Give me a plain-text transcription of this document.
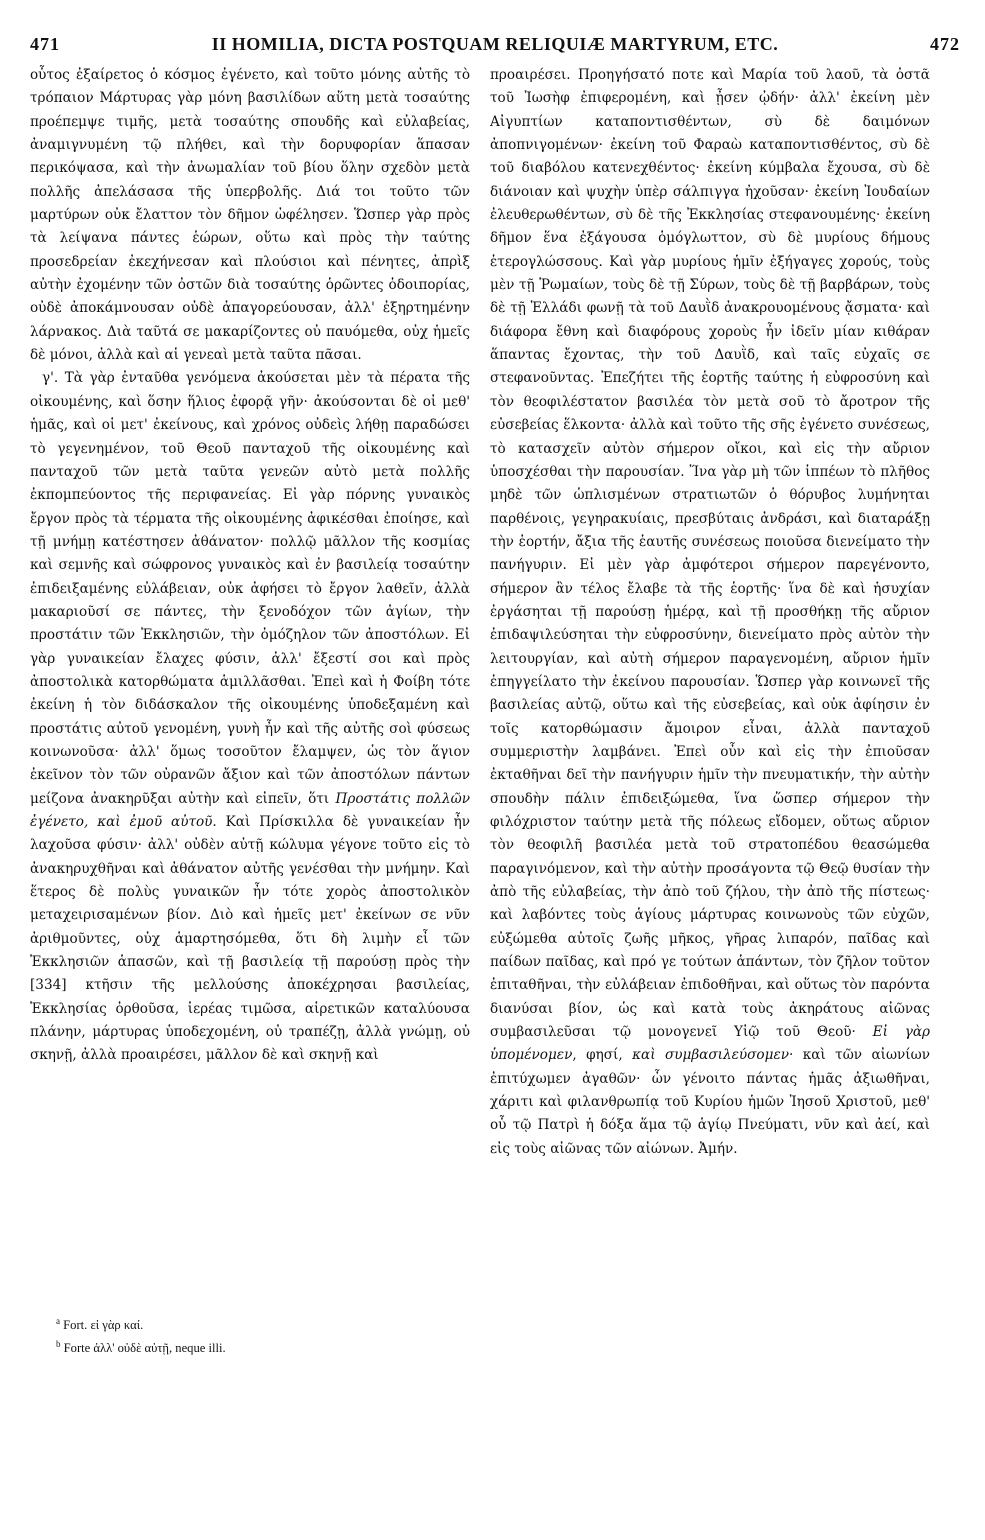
471	II HOMILIA, DICTA POSTQUAM RELIQUIÆ MARTYRUM, ETC.	472

οὗτος ἐξαίρετος ὁ κόσμος ἐγένετο, καὶ τοῦτο μόνης αὐτῆς τὸ τρόπαιον Μάρτυρας γὰρ μόνη βασιλίδων αὕτη μετὰ τοσαύτης προέπεμψε τιμῆς, μετὰ τοσαύτης σπουδῆς καὶ εὐλαβείας, ἀναμιγνυμένη τῷ πλήθει, καὶ τὴν δορυφορίαν ἅπασαν περικόψασα, καὶ τὴν ἀνωμαλίαν τοῦ βίου ὅλην σχεδὸν μετὰ πολλῆς ἀπελάσασα τῆς ὑπερβολῆς. Διά τοι τοῦτο τῶν μαρτύρων οὐκ ἔλαττον τὸν δῆμον ὠφέλησεν. Ὥσπερ γὰρ πρὸς τὰ λείψανα πάντες ἑώρων, οὕτω καὶ πρὸς τὴν ταύτης προσεδρείαν ἐκεχήνεσαν καὶ πλούσιοι καὶ πένητες, ἀπρὶξ αὐτὴν ἐχομένην τῶν ὀστῶν διὰ τοσαύτης ὁρῶντες ὁδοιπορίας, οὐδὲ ἀποκάμνουσαν οὐδὲ ἀπαγορεύουσαν, ἀλλ' ἐξηρτημένην λάρνακος. Διὰ ταῦτά σε μακαρίζοντες οὐ παυόμεθα, οὐχ ἡμεῖς δὲ μόνοι, ἀλλὰ καὶ αἱ γενεαὶ μετὰ ταῦτα πᾶσαι.

γ'. Τὰ γὰρ ἐνταῦθα γενόμενα ἀκούσεται μὲν τὰ πέρατα τῆς οἰκουμένης, καὶ ὅσην ἥλιος ἐφορᾷ γῆν· ἀκούσονται δὲ οἱ μεθ' ἡμᾶς, καὶ οἱ μετ' ἐκείνους, καὶ χρόνος οὐδεὶς λήθῃ παραδώσει τὸ γεγενημένον, τοῦ Θεοῦ πανταχοῦ τῆς οἰκουμένης καὶ πανταχοῦ τῶν μετὰ ταῦτα γενεῶν αὐτὸ μετὰ πολλῆς ἐκπομπεύοντος τῆς περιφανείας. Εἰ γὰρ πόρνης γυναικὸς ἔργον πρὸς τὰ τέρματα τῆς οἰκουμένης ἀφικέσθαι ἐποίησε, καὶ τῇ μνήμῃ κατέστησεν ἀθάνατον· πολλῷ μᾶλλον τῆς κοσμίας καὶ σεμνῆς καὶ σώφρονος γυναικὸς καὶ ἐν βασιλείᾳ τοσαύτην ἐπιδειξαμένης εὐλάβειαν, οὐκ ἀφήσει τὸ ἔργον λαθεῖν, ἀλλὰ μακαριοῦσί σε πάντες, τὴν ξενοδόχον τῶν ἁγίων, τὴν προστάτιν τῶν Ἐκκλησιῶν, τὴν ὁμόζηλον τῶν ἀποστόλων. Εἰ γὰρ γυναικείαν ἔλαχες φύσιν, ἀλλ' ἔξεστί σοι καὶ πρὸς ἀποστολικὰ κατορθώματα ἁμιλλᾶσθαι. Ἐπεὶ καὶ ἡ Φοίβη τότε ἐκείνη ἡ τὸν διδάσκαλον τῆς οἰκουμένης ὑποδεξαμένη καὶ προστάτις αὐτοῦ γενομένη, γυνὴ ἦν καὶ τῆς αὐτῆς σοὶ φύσεως κοινωνοῦσα· ἀλλ' ὅμως τοσοῦτον ἔλαμψεν, ὡς τὸν ἅγιον ἐκεῖνον τὸν τῶν οὐρανῶν ἄξιον καὶ τῶν ἀποστόλων πάντων μείζονα ἀνακηρῦξαι αὐτὴν καὶ εἰπεῖν, ὅτι Προστάτις πολλῶν ἐγένετο, καὶ ἐμοῦ αὐτοῦ. Καὶ Πρίσκιλλα δὲ γυναικείαν ἦν λαχοῦσα φύσιν· ἀλλ' οὐδὲν αὐτῇ κώλυμα γέγονε τοῦτο εἰς τὸ ἀνακηρυχθῆναι καὶ ἀθάνατον αὐτῆς γενέσθαι τὴν μνήμην. Καὶ ἕτερος δὲ πολὺς γυναικῶν ἦν τότε χορὸς ἀποστολικὸν μεταχειρισαμένων βίον. Διὸ καὶ ἡμεῖς μετ' ἐκείνων σε νῦν ἀριθμοῦντες, οὐχ ἁμαρτησόμεθα, ὅτι δὴ λιμὴν εἶ τῶν Ἐκκλησιῶν ἁπασῶν, καὶ τῇ βασιλείᾳ τῇ παρούσῃ πρὸς τὴν [334] κτῆσιν τῆς μελλούσης ἀποκέχρησαι βασιλείας, Ἐκκλησίας ὀρθοῦσα, ἱερέας τιμῶσα, αἱρετικῶν καταλύουσα πλάνην, μάρτυρας ὑποδεχομένη, οὐ τραπέζῃ, ἀλλὰ γνώμῃ, οὐ σκηνῇ, ἀλλὰ προαιρέσει, μᾶλλον δὲ καὶ σκηνῇ καὶ

προαιρέσει. Προηγήσατό ποτε καὶ Μαρία τοῦ λαοῦ, τὰ ὀστᾶ τοῦ Ἰωσὴφ ἐπιφερομένη, καὶ ᾖσεν ᾠδήν· ἀλλ' ἐκείνη μὲν Αἰγυπτίων καταποντισθέντων, σὺ δὲ δαιμόνων ἀποπνιγομένων· ἐκείνη τοῦ Φαραὼ καταποντισθέντος, σὺ δὲ τοῦ διαβόλου κατενεχθέντος· ἐκείνη κύμβαλα ἔχουσα, σὺ δὲ διάνοιαν καὶ ψυχὴν ὑπὲρ σάλπιγγα ἠχοῦσαν· ἐκείνη Ἰουδαίων ἐλευθερωθέντων, σὺ δὲ τῆς Ἐκκλησίας στεφανουμένης· ἐκείνη δῆμον ἕνα ἐξάγουσα ὁμόγλωττον, σὺ δὲ μυρίους δήμους ἑτερογλώσσους. Καὶ γὰρ μυρίους ἡμῖν ἐξήγαγες χορούς, τοὺς μὲν τῇ Ῥωμαίων, τοὺς δὲ τῇ Σύρων, τοὺς δὲ τῇ βαρβάρων, τοὺς δὲ τῇ Ἑλλάδι φωνῇ τὰ τοῦ Δαυῒδ ἀνακρουομένους ᾄσματα· καὶ διάφορα ἔθνη καὶ διαφόρους χοροὺς ἦν ἰδεῖν μίαν κιθάραν ἅπαντας ἔχοντας, τὴν τοῦ Δαυῒδ, καὶ ταῖς εὐχαῖς σε στεφανοῦντας. Ἐπεζήτει τῆς ἑορτῆς ταύτης ἡ εὐφροσύνη καὶ τὸν θεοφιλέστατον βασιλέα τὸν μετὰ σοῦ τὸ ἄροτρον τῆς εὐσεβείας ἕλκοντα· ἀλλὰ καὶ τοῦτο τῆς σῆς ἐγένετο συνέσεως, τὸ κατασχεῖν αὐτὸν σήμερον οἴκοι, καὶ εἰς τὴν αὔριον ὑποσχέσθαι τὴν παρουσίαν. Ἵνα γὰρ μὴ τῶν ἱππέων τὸ πλῆθος μηδὲ τῶν ὡπλισμένων στρατιωτῶν ὁ θόρυβος λυμήνηται παρθένοις, γεγηρακυίαις, πρεσβύταις ἀνδράσι, καὶ διαταράξῃ τὴν ἑορτήν, ἄξια τῆς ἑαυτῆς συνέσεως ποιοῦσα διενείματο τὴν πανήγυριν. Εἰ μὲν γὰρ ἀμφότεροι σήμερον παρεγένοντο, σήμερον ἂν τέλος ἔλαβε τὰ τῆς ἑορτῆς· ἵνα δὲ καὶ ἡσυχίαν ἐργάσηται τῇ παρούσῃ ἡμέρᾳ, καὶ τῇ προσθήκῃ τῆς αὔριον ἐπιδαψιλεύσηται τὴν εὐφροσύνην, διενείματο πρὸς αὐτὸν τὴν λειτουργίαν, καὶ αὐτὴ σήμερον παραγενομένη, αὔριον ἡμῖν ἐπηγγείλατο τὴν ἐκείνου παρουσίαν. Ὥσπερ γὰρ κοινωνεῖ τῆς βασιλείας αὐτῷ, οὕτω καὶ τῆς εὐσεβείας, καὶ οὐκ ἀφίησιν ἐν τοῖς κατορθώμασιν ἄμοιρον εἶναι, ἀλλὰ πανταχοῦ συμμεριστὴν λαμβάνει. Ἐπεὶ οὖν καὶ εἰς τὴν ἐπιοῦσαν ἐκταθῆναι δεῖ τὴν πανήγυριν ἡμῖν τὴν πνευματικήν, τὴν αὐτὴν σπουδὴν πάλιν ἐπιδειξώμεθα, ἵνα ὥσπερ σήμερον τὴν φιλόχριστον ταύτην μετὰ τῆς πόλεως εἴδομεν, οὕτως αὔριον τὸν θεοφιλῆ βασιλέα μετὰ τοῦ στρατοπέδου θεασώμεθα παραγινόμενον, καὶ τὴν αὐτὴν προσάγοντα τῷ Θεῷ θυσίαν τὴν ἀπὸ τῆς εὐλαβείας, τὴν ἀπὸ τοῦ ζήλου, τὴν ἀπὸ τῆς πίστεως· καὶ λαβόντες τοὺς ἁγίους μάρτυρας κοινωνοὺς τῶν εὐχῶν, εὐξώμεθα αὐτοῖς ζωῆς μῆκος, γῆρας λιπαρόν, παῖδας καὶ παίδων παῖδας, καὶ πρό γε τούτων ἁπάντων, τὸν ζῆλον τοῦτον ἐπιταθῆναι, τὴν εὐλάβειαν ἐπιδοθῆναι, καὶ οὕτως τὸν παρόντα διανύσαι βίον, ὡς καὶ κατὰ τοὺς ἀκηράτους αἰῶνας συμβασιλεῦσαι τῷ μονογενεῖ Υἱῷ τοῦ Θεοῦ· Εἰ γὰρ ὑπομένομεν, φησί, καὶ συμβασιλεύσομεν· καὶ τῶν αἰωνίων ἐπιτύχωμεν ἀγαθῶν· ὧν γένοιτο πάντας ἡμᾶς ἀξιωθῆναι, χάριτι καὶ φιλανθρωπίᾳ τοῦ Κυρίου ἡμῶν Ἰησοῦ Χριστοῦ, μεθ' οὗ τῷ Πατρὶ ἡ δόξα ἅμα τῷ ἁγίῳ Πνεύματι, νῦν καὶ ἀεί, καὶ εἰς τοὺς αἰῶνας τῶν αἰώνων. Ἀμήν.

$^a$ Fort. εἰ γὰρ καί.

$^b$ Forte ἀλλ' οὐδὲ αὐτῇ, neque illi.
